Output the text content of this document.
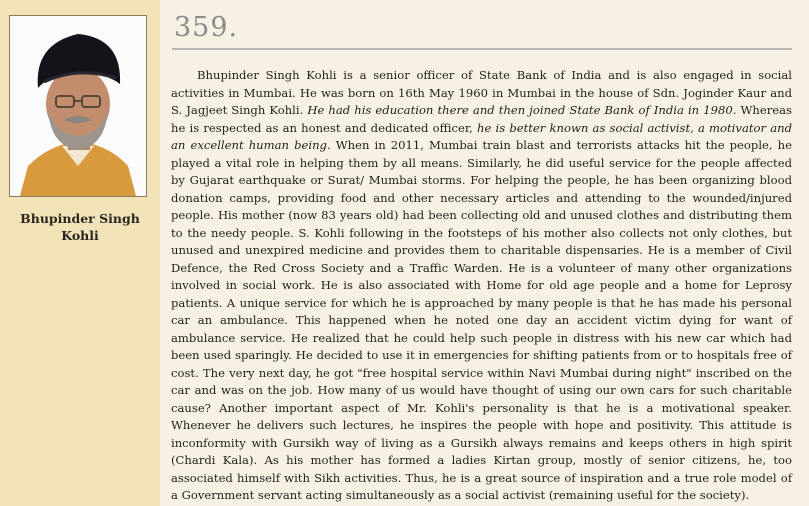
Bhupinder Singh
Kohli
359.

Bhupinder Singh Kohli is a senior officer of State Bank of India and is also engaged in social activities in Mumbai. He was born on 16th May 1960 in Mumbai in the house of Sdn. Joginder Kaur and S. Jagjeet Singh Kohli. He had his education there and then joined State Bank of India in 1980. Whereas he is respected as an honest and dedicated officer, he is better known as social activist, a motivator and an excellent human being. When in 2011, Mumbai train blast and terrorists attacks hit the people, he played a vital role in helping them by all means. Similarly, he did useful service for the people affected by Gujarat earthquake or Surat/ Mumbai storms. For helping the people, he has been organizing blood donation camps, providing food and other necessary articles and attending to the wounded/injured people. His mother (now 83 years old) had been collecting old and unused clothes and distributing them to the needy people. S. Kohli following in the footsteps of his mother also collects not only clothes, but unused and unexpired medicine and provides them to charitable dispensaries. He is a member of Civil Defence, the Red Cross Society and a Traffic Warden. He is a volunteer of many other organizations involved in social work. He is also associated with Home for old age people and a home for Leprosy patients. A unique service for which he is approached by many people is that he has made his personal car an ambulance. This happened when he noted one day an accident victim dying for want of ambulance service. He realized that he could help such people in distress with his new car which had been used sparingly. He decided to use it in emergencies for shifting patients from or to hospitals free of cost. The very next day, he got "free hospital service within Navi Mumbai during night" inscribed on the car and was on the job. How many of us would have thought of using our own cars for such charitable cause? Another important aspect of Mr. Kohli's personality is that he is a motivational speaker. Whenever he delivers such lectures, he inspires the people with hope and positivity. This attitude is inconformity with Gursikh way of living as a Gursikh always remains and keeps others in high spirit (Chardi Kala). As his mother has formed a ladies Kirtan group, mostly of senior citizens, he, too associated himself with Sikh activities. Thus, he is a great source of inspiration and a true role model of a Government servant acting simultaneously as a social activist (remaining useful for the society).
